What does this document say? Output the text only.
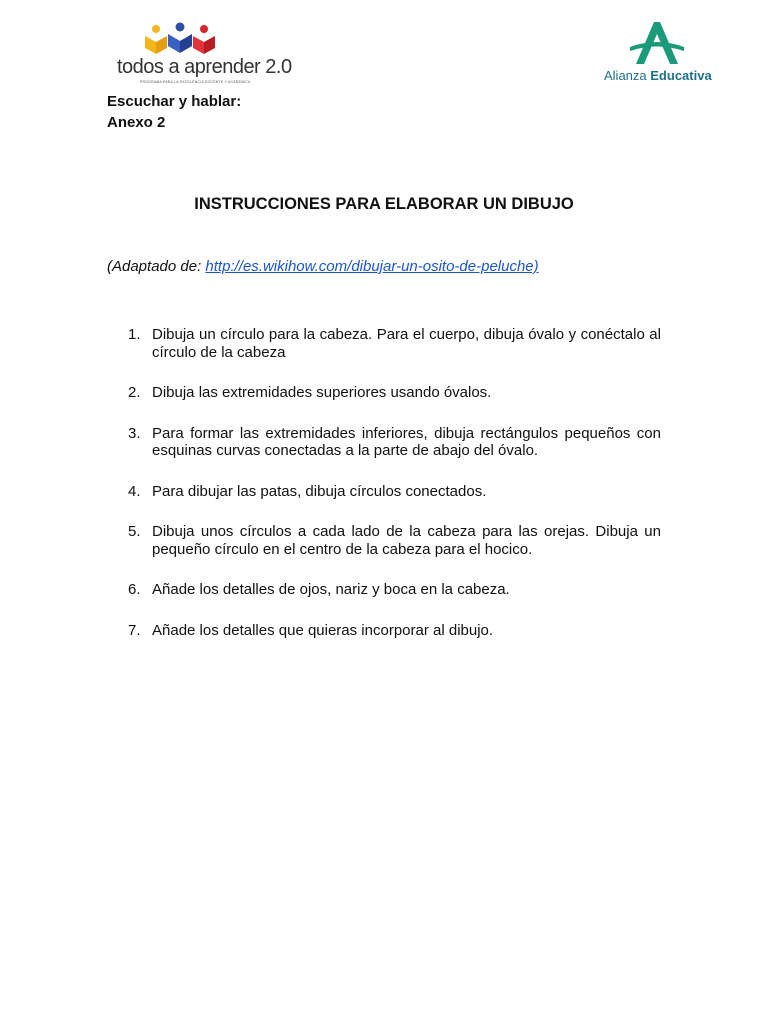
todos a aprender 2.0
PROGRAMA PARA LA EXCELENCIA DOCENTE Y ACADÉMICA	Alianza Educativa
Escuchar y hablar:
Anexo 2
INSTRUCCIONES PARA ELABORAR UN DIBUJO
(Adaptado de: http://es.wikihow.com/dibujar-un-osito-de-peluche)
1. Dibuja un círculo para la cabeza. Para el cuerpo, dibuja óvalo y conéctalo al círculo de la cabeza
2. Dibuja las extremidades superiores usando óvalos.
3. Para formar las extremidades inferiores, dibuja rectángulos pequeños con esquinas curvas conectadas a la parte de abajo del óvalo.
4. Para dibujar las patas, dibuja círculos conectados.
5. Dibuja unos círculos a cada lado de la cabeza para las orejas. Dibuja un pequeño círculo en el centro de la cabeza para el hocico.
6. Añade los detalles de ojos, nariz y boca en la cabeza.
7. Añade los detalles que quieras incorporar al dibujo.
